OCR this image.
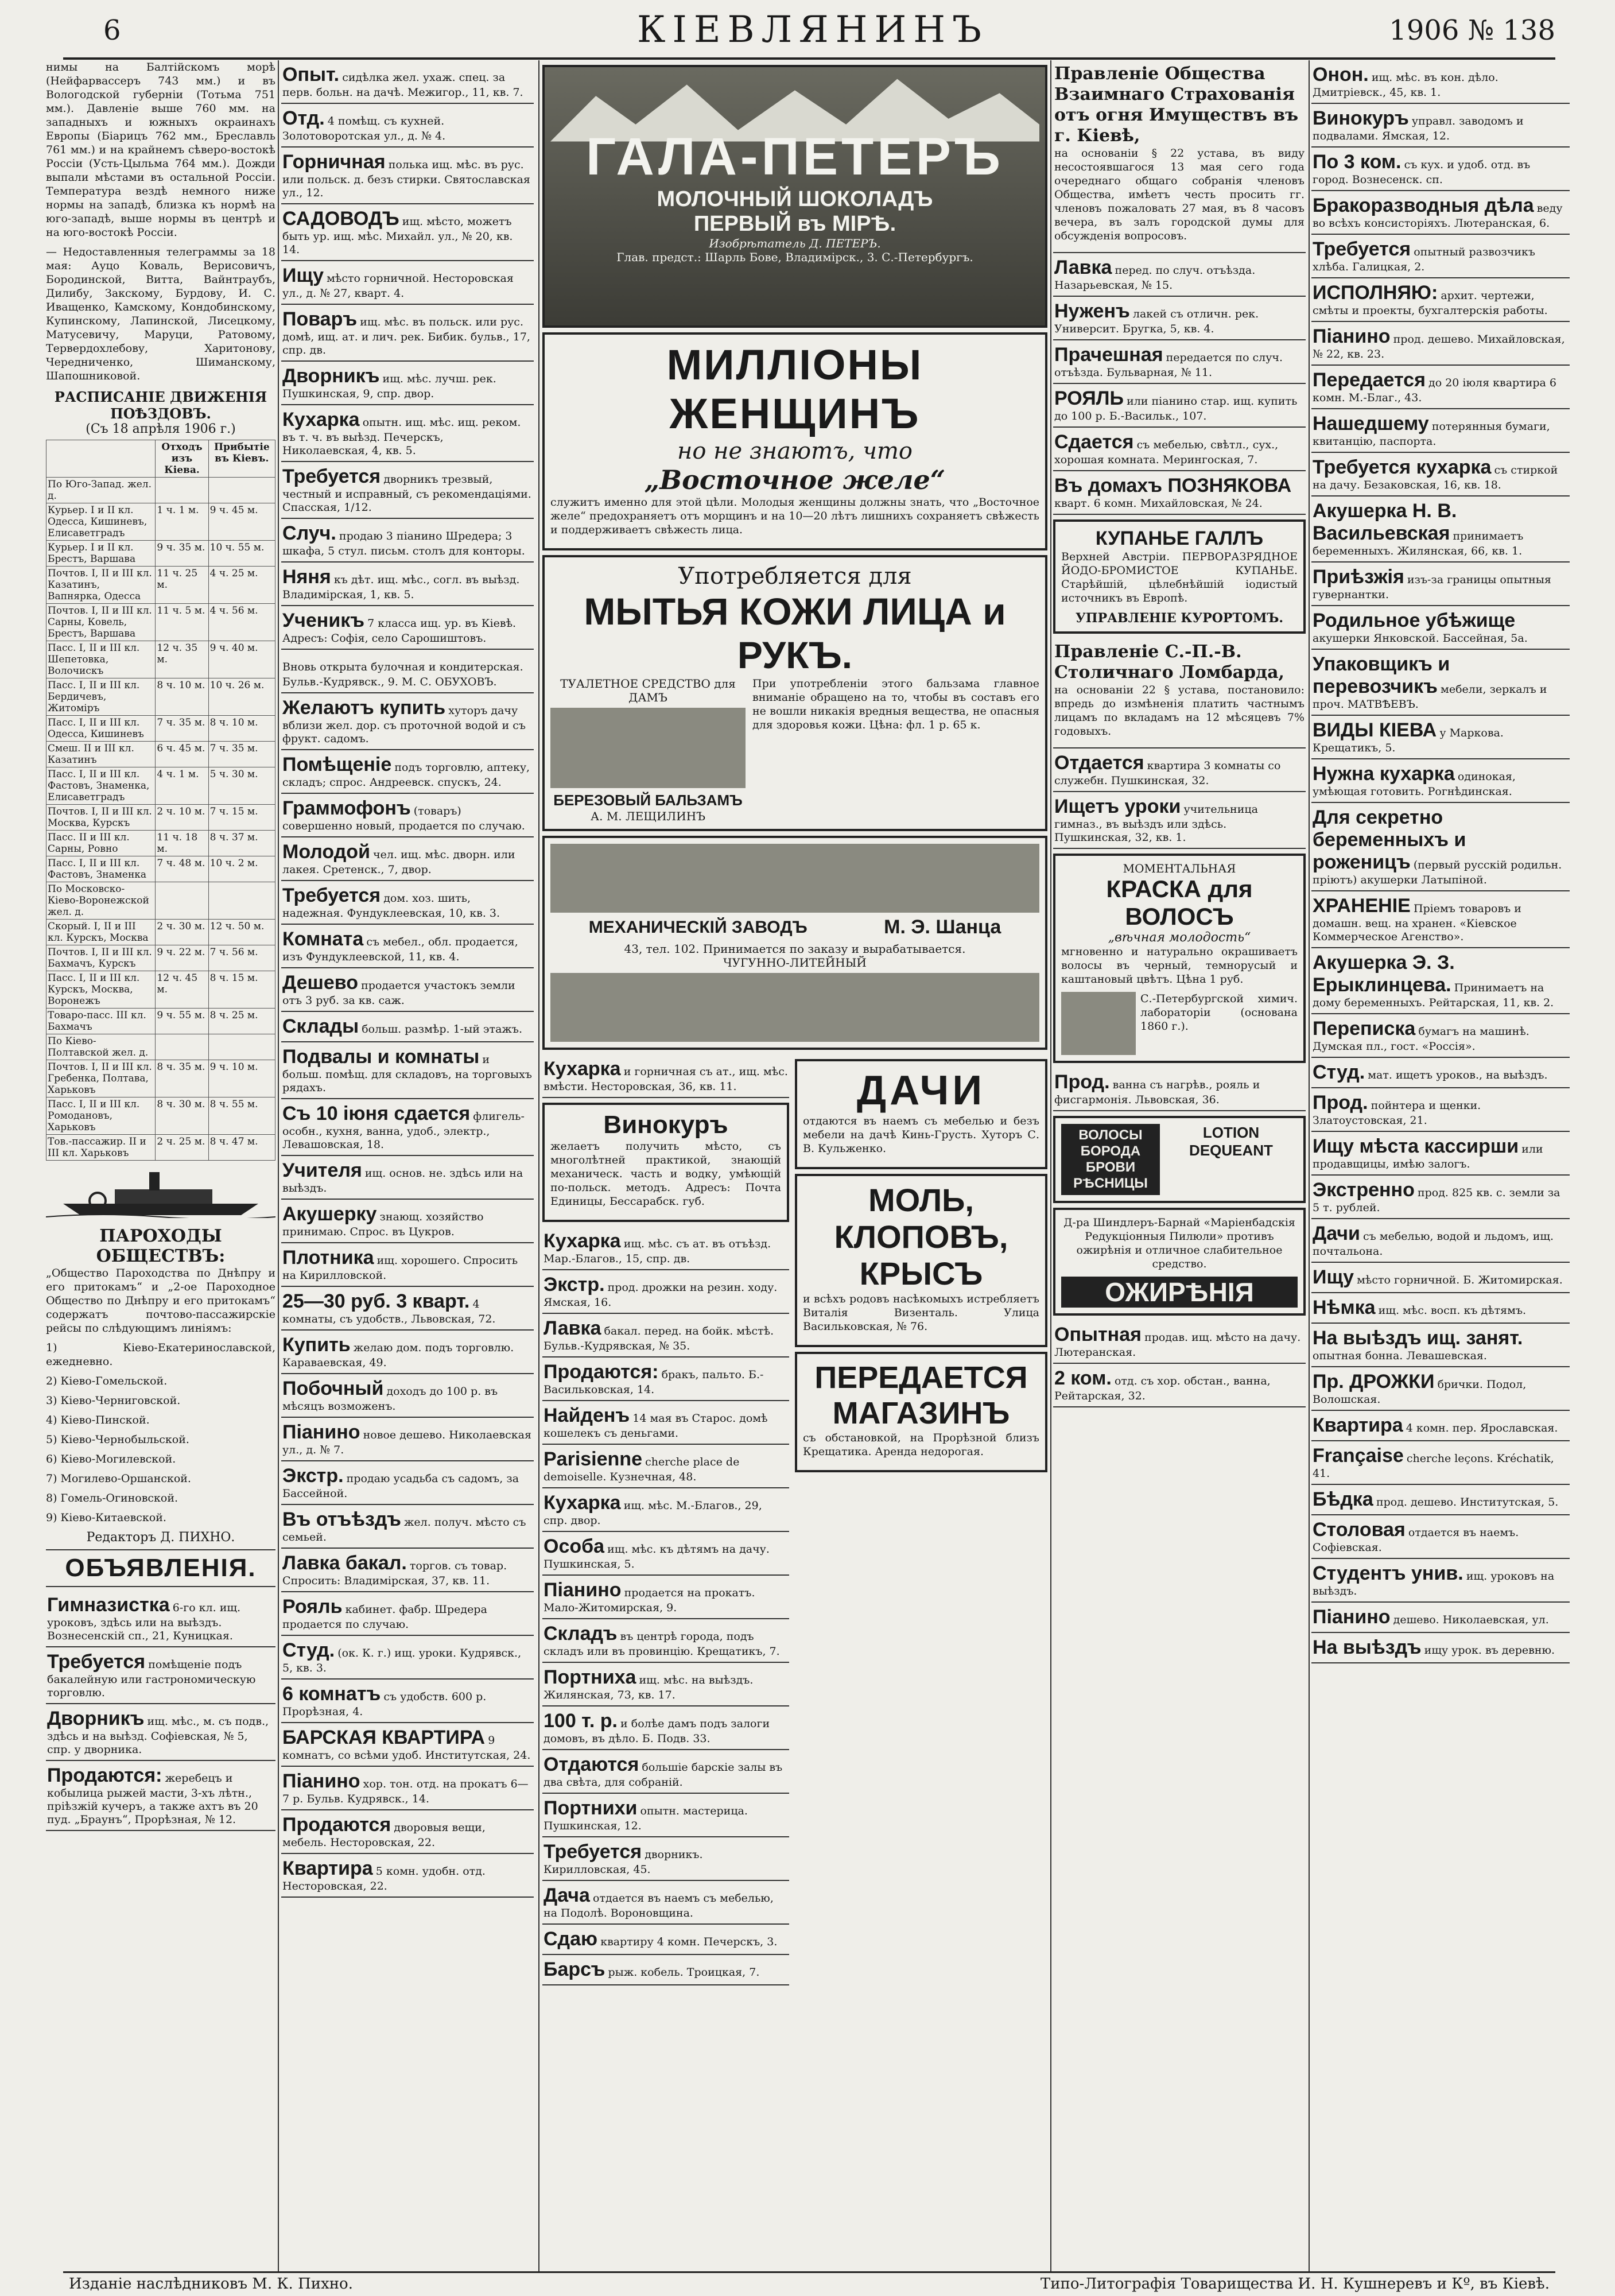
6	КІЕВЛЯНИНЪ	1906 № 138

нимы на Балтійскомъ морѣ (Нейфарвассеръ 743 мм.) и въ Вологодской губерніи (Тотьма 751 мм.). Давленіе выше 760 мм. на западныхъ и южныхъ окраинахъ Европы (Біарицъ 762 мм., Бреславль 761 мм.) и на крайнемъ сѣверо-востокѣ Россіи (Усть-Цыльма 764 мм.). Дожди выпали мѣстами въ остальной Россіи. Температура вездѣ немного ниже нормы на западѣ, близка къ нормѣ на юго-западѣ, выше нормы въ центрѣ и на юго-востокѣ Россіи.

— Недоставленныя телеграммы за 18 мая: Ауцо Коваль, Верисовичъ, Бородинской, Витта, Вайнтраубъ, Дилибу, Закскому, Бурдову, И. С. Иващенко, Камскому, Кондобинскому, Купинскому, Лапинской, Лисецкому, Матусевичу, Маруци, Ратовому, Тервердохлебову, Харитонову, Чередниченко, Шиманскому, Шапошниковой.

РАСПИСАНІЕ ДВИЖЕНІЯ ПОѢЗДОВЪ.
(Съ 18 апрѣля 1906 г.)
	Отходъ изъ Кіева.	Прибытіе въ Кіевъ.
По Юго-Запад. жел. д.		
Курьер. I и II кл. Одесса, Кишиневъ, Елисаветградъ	1 ч. 1 м.	9 ч. 45 м.
Курьер. I и II кл. Брестъ, Варшава	9 ч. 35 м.	10 ч. 55 м.
Почтов. I, II и III кл. Казатинъ, Вапнярка, Одесса	11 ч. 25 м.	4 ч. 25 м.
Почтов. I, II и III кл. Сарны, Ковель, Брестъ, Варшава	11 ч. 5 м.	4 ч. 56 м.
Пасс. I, II и III кл. Шепетовка, Волочискъ	12 ч. 35 м.	9 ч. 40 м.
Пасс. I, II и III кл. Бердичевъ, Житоміръ	8 ч. 10 м.	10 ч. 26 м.
Пасс. I, II и III кл. Одесса, Кишиневъ	7 ч. 35 м.	8 ч. 10 м.
Смеш. II и III кл. Казатинъ	6 ч. 45 м.	7 ч. 35 м.
Пасс. I, II и III кл. Фастовъ, Знаменка, Елисаветградъ	4 ч. 1 м.	5 ч. 30 м.
Почтов. I, II и III кл. Москва, Курскъ	2 ч. 10 м.	7 ч. 15 м.
Пасс. II и III кл. Сарны, Ровно	11 ч. 18 м.	8 ч. 37 м.
Пасс. I, II и III кл. Фастовъ, Знаменка	7 ч. 48 м.	10 ч. 2 м.
По Московско-Кіево-Воронежской жел. д.		
Скорый. I, II и III кл. Курскъ, Москва	2 ч. 30 м.	12 ч. 50 м.
Почтов. I, II и III кл. Бахмачъ, Курскъ	9 ч. 22 м.	7 ч. 56 м.
Пасс. I, II и III кл. Курскъ, Москва, Воронежъ	12 ч. 45 м.	8 ч. 15 м.
Товаро-пасс. III кл. Бахмачъ	9 ч. 55 м.	8 ч. 25 м.
По Кіево-Полтавской жел. д.		
Почтов. I, II и III кл. Гребенка, Полтава, Харьковъ	8 ч. 35 м.	9 ч. 10 м.
Пасс. I, II и III кл. Ромодановъ, Харьковъ	8 ч. 30 м.	8 ч. 55 м.
Тов.-пассажир. II и III кл. Харьковъ	2 ч. 25 м.	8 ч. 47 м.
ПАРОХОДЫ ОБЩЕСТВЪ:

„Общество Пароходства по Днѣпру и его притокамъ“ и „2-ое Пароходное Общество по Днѣпру и его притокамъ“ содержатъ почтово-пассажирскіе рейсы по слѣдующимъ линіямъ:

1) Кіево-Екатеринославской, ежедневно.
2) Кіево-Гомельской.
3) Кіево-Черниговской.
4) Кіево-Пинской.
5) Кіево-Чернобыльской.
6) Кіево-Могилевской.
7) Могилево-Оршанской.
8) Гомель-Огиновской.
9) Кіево-Китаевской.
Редакторъ Д. ПИХНО.
ОБЪЯВЛЕНІЯ.
Гимназистка 6-го кл. ищ. уроковъ, здѣсь или на выѣздъ. Вознесенскій сп., 21, Куницкая.
Требуется помѣщеніе подъ бакалейную или гастрономическую торговлю.
Дворникъ ищ. мѣс., м. съ подв., здѣсь и на выѣзд. Софіевская, № 5, спр. у дворника.
Продаются: жеребецъ и кобылица рыжей масти, 3-хъ лѣтн., пріѣзжій кучеръ, а также ахтъ въ 20 пуд. „Браунъ“, Прорѣзная, № 12.
Опыт. сидѣлка жел. ухаж. спец. за перв. больн. на дачѣ. Межигор., 11, кв. 7.
Отд. 4 помѣщ. съ кухней. Золотоворотская ул., д. № 4.
Горничная полька ищ. мѣс. въ рус. или польск. д. безъ стирки. Святославская ул., 12.
САДОВОДЪ ищ. мѣсто, можетъ быть ур. ищ. мѣс. Михайл. ул., № 20, кв. 14.
Ищу мѣсто горничной. Несторовская ул., д. № 27, кварт. 4.
Поваръ ищ. мѣс. въ польск. или рус. домѣ, ищ. ат. и лич. рек. Бибик. бульв., 17, спр. дв.
Дворникъ ищ. мѣс. лучш. рек. Пушкинская, 9, спр. двор.
Кухарка опытн. ищ. мѣс. ищ. реком. въ т. ч. въ выѣзд. Печерскъ, Николаевская, 4, кв. 5.
Требуется дворникъ трезвый, честный и исправный, съ рекомендаціями. Спасская, 1/12.
Случ. продаю 3 піанино Шредера; 3 шкафа, 5 стул. письм. столъ для конторы.
Няня къ дѣт. ищ. мѣс., согл. въ выѣзд. Владимірская, 1, кв. 5.
Ученикъ 7 класса ищ. ур. въ Кіевѣ. Адресъ: Софія, село Сарошиштовъ.
Вновь открыта булочная и кондитерская. Бульв.-Кудрявск., 9. М. С. ОБУХОВЪ.
Желаютъ купить хуторъ дачу вблизи жел. дор. съ проточной водой и съ фрукт. садомъ.
Помѣщеніе подъ торговлю, аптеку, складъ; спрос. Андреевск. спускъ, 24.
Граммофонъ (товаръ) совершенно новый, продается по случаю.
Молодой чел. ищ. мѣс. дворн. или лакея. Сретенск., 7, двор.
Требуется дом. хоз. шить, надежная. Фундуклеевская, 10, кв. 3.
Комната съ мебел., обл. продается, изъ Фундуклеевской, 11, кв. 4.
Дешево продается участокъ земли отъ 3 руб. за кв. саж.
Склады больш. размѣр. 1-ый этажъ.
Подвалы и комнаты и больш. помѣщ. для складовъ, на торговыхъ рядахъ.
Съ 10 іюня сдается флигель-особн., кухня, ванна, удоб., электр., Левашовская, 18.
Учителя ищ. основ. не. здѣсь или на выѣздъ.
Акушерку знающ. хозяйство принимаю. Спрос. въ Цукров.
Плотника ищ. хорошего. Спросить на Кирилловской.
25—30 руб. 3 кварт. 4 комнаты, съ удобств., Львовская, 72.
Купить желаю дом. подъ торговлю. Караваевская, 49.
Побочный доходъ до 100 р. въ мѣсяцъ возможенъ.
Піанино новое дешево. Николаевская ул., д. № 7.
Экстр. продаю усадьба съ садомъ, за Бассейной.
Въ отъѣздъ жел. получ. мѣсто съ семьей.
Лавка бакал. торгов. съ товар. Спросить: Владимірская, 37, кв. 11.
Рояль кабинет. фабр. Шредера продается по случаю.
Студ. (ок. К. г.) ищ. уроки. Кудрявск., 5, кв. 3.
6 комнатъ съ удобств. 600 р. Прорѣзная, 4.
БАРСКАЯ КВАРТИРА 9 комнатъ, со всѣми удоб. Институтская, 24.
Піанино хор. тон. отд. на прокатъ 6—7 р. Бульв. Кудрявск., 14.
Продаются дворовыя вещи, мебель. Несторовская, 22.
Квартира 5 комн. удобн. отд. Несторовская, 22.
ГАЛА-ПЕТЕРЪ
МОЛОЧНЫЙ ШОКОЛАДЪ
ПЕРВЫЙ въ МІРѢ.
Изобрѣтатель Д. ПЕТЕРЪ.
Глав. предст.: Шарль Бове, Владимірск., 3. С.-Петербургъ.
МИЛЛІОНЫ ЖЕНЩИНЪ
но не знаютъ, что
„Восточное желе“

служитъ именно для этой цѣли. Молодыя женщины должны знать, что „Восточное желе“ предохраняетъ отъ морщинъ и на 10—20 лѣтъ лишнихъ сохраняетъ свѣжесть и поддерживаетъ свѣжесть лица.

Употребляется для
МЫТЬЯ КОЖИ ЛИЦА и РУКЪ.
ТУАЛЕТНОЕ СРЕДСТВО для ДАМЪ
БЕРЕЗОВЫЙ БАЛЬЗАМЪ
А. М. ЛЕЩИЛИНЪ

При употребленіи этого бальзама главное вниманіе обращено на то, чтобы въ составъ его не вошли никакія вредныя вещества, не опасныя для здоровья кожи. Цѣна: фл. 1 р. 65 к.

МЕХАНИЧЕСКІЙ ЗАВОДЪ	М. Э. Шанца
43, тел. 102. Принимается по заказу и вырабатывается.
ЧУГУННО-ЛИТЕЙНЫЙ
Кухарка и горничная съ ат., ищ. мѣс. вмѣсти. Несторовская, 36, кв. 11.
Винокуръ

желаетъ получить мѣсто, съ многолѣтней практикой, знающій механическ. часть и водку, умѣющій по-польск. методъ. Адресъ: Почта Единицы, Бессарабск. губ.

Кухарка ищ. мѣс. съ ат. въ отъѣзд. Мар.-Благов., 15, спр. дв.
Экстр. прод. дрожки на резин. ходу. Ямская, 16.
Лавка бакал. перед. на бойк. мѣстѣ. Бульв.-Кудрявская, № 35.
Продаются: бракъ, пальто. Б.-Васильковская, 14.
Найденъ 14 мая въ Старос. домѣ кошелекъ съ деньгами.
Parisienne cherche place de demoiselle. Кузнечная, 48.
Кухарка ищ. мѣс. М.-Благов., 29, спр. двор.
Особа ищ. мѣс. къ дѣтямъ на дачу. Пушкинская, 5.
Піанино продается на прокатъ. Мало-Житомирская, 9.
Складъ въ центрѣ города, подъ складъ или въ провинцію. Крещатикъ, 7.
Портниха ищ. мѣс. на выѣздъ. Жилянская, 73, кв. 17.
100 т. р. и болѣе дамъ подъ залоги домовъ, въ дѣло. Б. Подв. 33.
Отдаются большіе барскіе залы въ два свѣта, для собраній.
Портнихи опытн. мастерица. Пушкинская, 12.
Требуется дворникъ. Кирилловская, 45.
Дача отдается въ наемъ съ мебелью, на Подолѣ. Вороновщина.
Сдаю квартиру 4 комн. Печерскъ, 3.
Барсъ рыж. кобель. Троицкая, 7.
ДАЧИ

отдаются въ наемъ съ мебелью и безъ мебели на дачѣ Кинь-Грусть. Хуторъ С. В. Кульженко.

МОЛЬ, КЛОПОВЪ, КРЫСЪ

и всѣхъ родовъ насѣкомыхъ истребляетъ Виталія Визенталь. Улица Васильковская, № 76.

ПЕРЕДАЕТСЯ МАГАЗИНЪ

съ обстановкой, на Прорѣзной близъ Крещатика. Аренда недорогая.

Правленіе Общества Взаимнаго Страхованія отъ огня Имуществъ въ г. Кіевѣ,

на основаніи § 22 устава, въ виду несостоявшагося 13 мая сего года очереднаго общаго собранія членовъ Общества, имѣетъ честь просить гг. членовъ пожаловать 27 мая, въ 8 часовъ вечера, въ залъ городской думы для обсужденія вопросовъ.

Лавка перед. по случ. отъѣзда. Назарьевская, № 15.
Нуженъ лакей съ отличн. рек. Университ. Бругка, 5, кв. 4.
Прачешная передается по случ. отъѣзда. Бульварная, № 11.
РОЯЛЬ или піанино стар. ищ. купить до 100 р. Б.-Васильк., 107.
Сдается съ мебелью, свѣтл., сух., хорошая комната. Мерингоская, 7.
Въ домахъ ПОЗНЯКОВА кварт. 6 комн. Михайловская, № 24.
КУПАНЬЕ ГАЛЛЪ

Верхней Австріи. ПЕРВОРАЗРЯДНОЕ ЙОДО-БРОМИСТОЕ КУПАНЬЕ. Старѣйшій, цѣлебнѣйшій іодистый источникъ въ Европѣ.

УПРАВЛЕНІЕ КУРОРТОМЪ.
Правленіе С.-П.-В. Столичнаго Ломбарда,

на основаніи 22 § устава, постановило: впредь до измѣненія платить частнымъ лицамъ по вкладамъ на 12 мѣсяцевъ 7% годовыхъ.

Отдается квартира 3 комнаты со служебн. Пушкинская, 32.
Ищетъ уроки учительница гимназ., въ выѣздъ или здѣсь. Пушкинская, 32, кв. 1.
МОМЕНТАЛЬНАЯ
КРАСКА для ВОЛОСЪ
„вѣчная молодость“

мгновенно и натурально окрашиваетъ волосы въ черный, темнорусый и каштановый цвѣтъ. Цѣна 1 руб.

С.-Петербургской химич. лабораторіи (основана 1860 г.).

Прод. ванна съ нагрѣв., рояль и фисгармонія. Львовская, 36.
ВОЛОСЫ
БОРОДА
БРОВИ
РѢСНИЦЫ
LOTION DEQUEANT

Д-ра Шиндлеръ-Барнай «Маріенбадскія Редукціонныя Пилюли» противъ ожирѣнія и отличное слабительное средство.

ОЖИРѢНІЯ
Опытная продав. ищ. мѣсто на дачу. Лютеранская.
2 ком. отд. съ хор. обстан., ванна, Рейтарская, 32.
Онон. ищ. мѣс. въ кон. дѣло. Дмитріевск., 45, кв. 1.
Винокуръ управл. заводомъ и подвалами. Ямская, 12.
По 3 ком. съ кух. и удоб. отд. въ город. Вознесенск. сп.
Бракоразводныя дѣла веду во всѣхъ консисторіяхъ. Лютеранская, 6.
Требуется опытный развозчикъ хлѣба. Галицкая, 2.
ИСПОЛНЯЮ: архит. чертежи, смѣты и проекты, бухгалтерскія работы.
Піанино прод. дешево. Михайловская, № 22, кв. 23.
Передается до 20 іюля квартира 6 комн. М.-Благ., 43.
Нашедшему потерянныя бумаги, квитанцію, паспорта.
Требуется кухарка съ стиркой на дачу. Безаковская, 16, кв. 18.
Акушерка Н. В. Васильевская принимаетъ беременныхъ. Жилянская, 66, кв. 1.
Приѣзжія изъ-за границы опытныя гувернантки.
Родильное убѣжище акушерки Янковской. Бассейная, 5а.
Упаковщикъ и перевозчикъ мебели, зеркалъ и проч. МАТВѢЕВЪ.
ВИДЫ КІЕВА у Маркова. Крещатикъ, 5.
Нужна кухарка одинокая, умѣющая готовить. Рогнѣдинская.
Для секретно беременныхъ и роженицъ (первый русскій родильн. пріютъ) акушерки Латыпіной.
ХРАНЕНІЕ Пріемъ товаровъ и домашн. вещ. на хранен. «Кіевское Коммерческое Агенство».
Акушерка Э. З. Ерыклинцева. Принимаетъ на дому беременныхъ. Рейтарская, 11, кв. 2.
Переписка бумагъ на машинѣ. Думская пл., гост. «Россія».
Студ. мат. ищетъ уроков., на выѣздъ.
Прод. пойнтера и щенки. Златоустовская, 21.
Ищу мѣста кассирши или продавщицы, имѣю залогъ.
Экстренно прод. 825 кв. с. земли за 5 т. рублей.
Дачи съ мебелью, водой и льдомъ, ищ. почтальона.
Ищу мѣсто горничной. Б. Житомирская.
Нѣмка ищ. мѣс. восп. къ дѣтямъ.
На выѣздъ ищ. занят. опытная бонна. Левашевская.
Пр. ДРОЖКИ брички. Подол, Волошская.
Квартира 4 комн. пер. Ярославская.
Française cherche leçons. Kréchatik, 41.
Бѣдка прод. дешево. Институтская, 5.
Столовая отдается въ наемъ. Софіевская.
Студентъ унив. ищ. уроковъ на выѣздъ.
Піанино дешево. Николаевская, ул.
На выѣздъ ищу урок. въ деревню.
Изданіе наслѣдниковъ М. К. Пихно.	Типо-Литографія Товарищества И. Н. Кушнеревъ и Кº, въ Кіевѣ.
